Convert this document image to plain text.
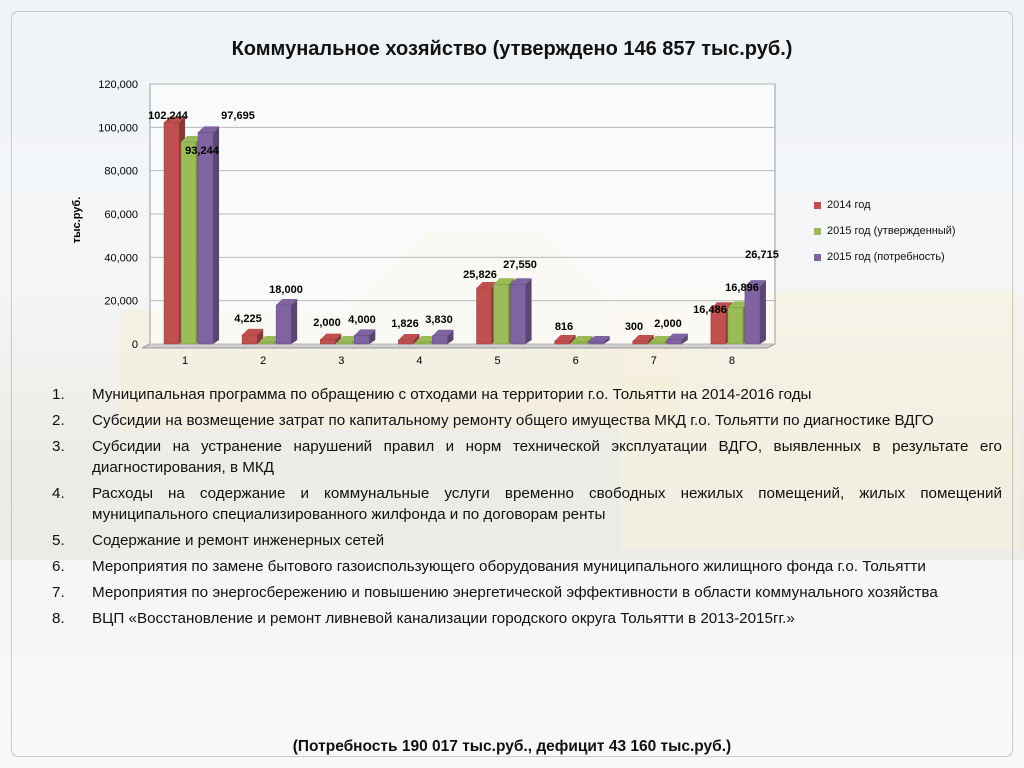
Коммунальное хозяйство (утверждено 146 857 тыс.руб.)
0
20,000
40,000
60,000
80,000
100,000
120,000
тыс.руб.
1	2	3	4	5	6	7	8
102,244
93,244
97,695
4,225
18,000
2,000 4,000 1,826 3,830
25,826
27,550
816	300 2,000
16,486
26,715
16,896
2014 год
2015 год (утвержденный)
2015 год (потребность)
1.	Муниципальная программа по обращению с отходами на территории г.о. Тольятти на 2014-2016 годы
2.	Субсидии на возмещение затрат по капитальному ремонту общего имущества МКД г.о. Тольятти по диагностике ВДГО
3.	Субсидии на устранение нарушений правил и норм технической эксплуатации ВДГО, выявленных в результате его диагностирования, в МКД
4.	Расходы на содержание и коммунальные услуги временно свободных нежилых помещений, жилых помещений муниципального специализированного жилфонда и по договорам ренты
5.	Содержание и ремонт инженерных сетей
6.	Мероприятия по замене бытового газоиспользующего оборудования муниципального жилищного фонда г.о. Тольятти
7.	Мероприятия по энергосбережению и повышению энергетической эффективности в области коммунального хозяйства
8.	ВЦП «Восстановление и ремонт ливневой канализации городского округа Тольятти в 2013-2015гг.»
(Потребность 190 017 тыс.руб., дефицит 43 160 тыс.руб.)
